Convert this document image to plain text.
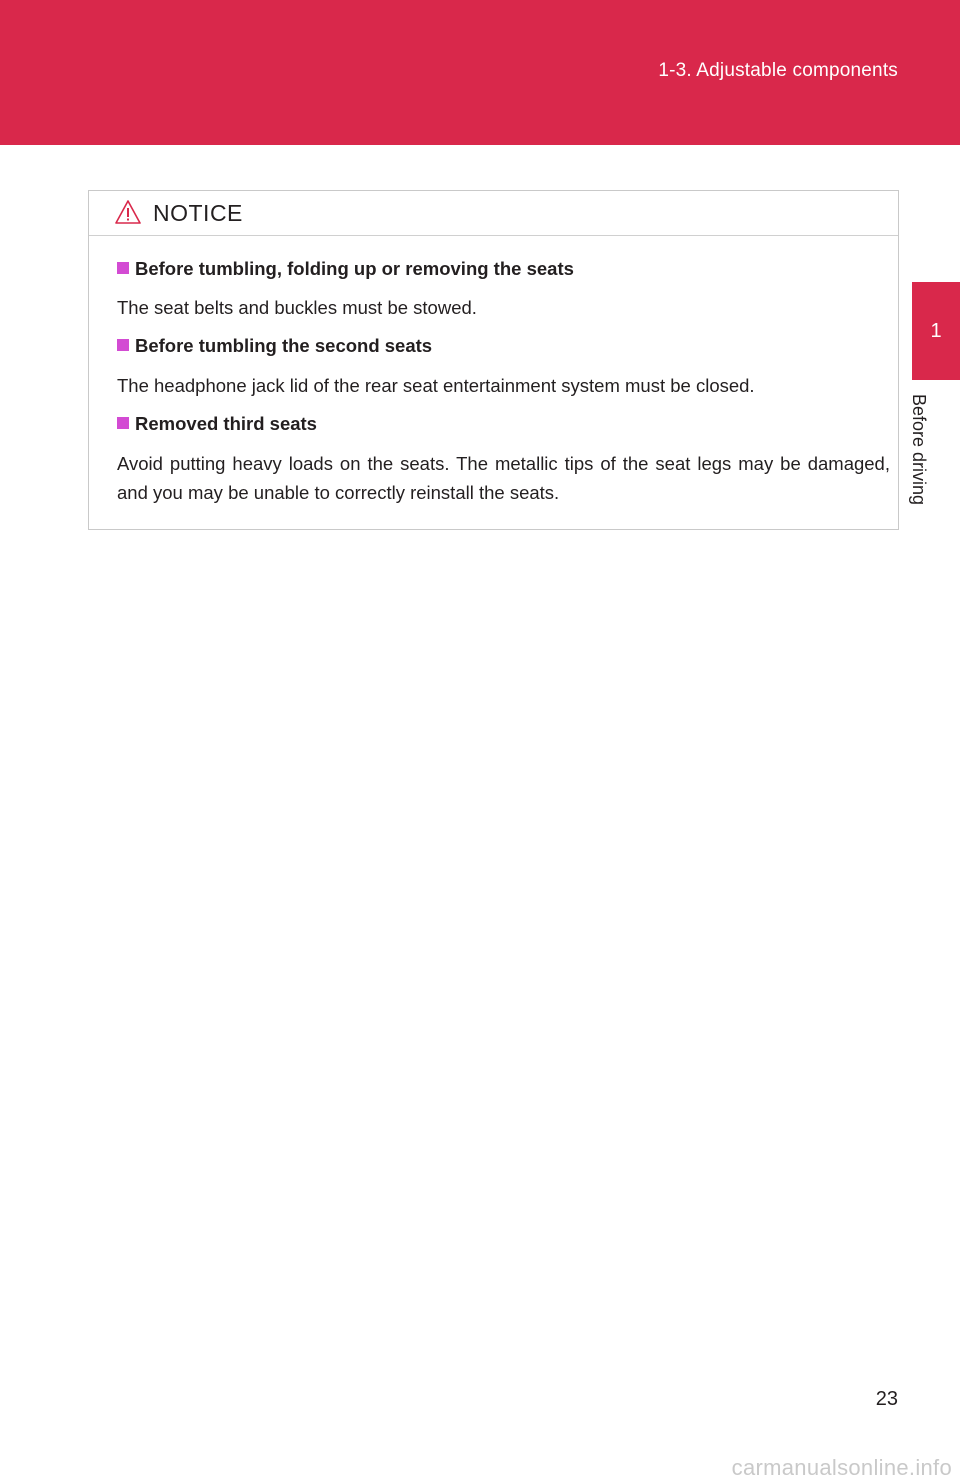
1-3. Adjustable components
1
Before driving
NOTICE
Before tumbling, folding up or removing the seats
The seat belts and buckles must be stowed.
Before tumbling the second seats
The headphone jack lid of the rear seat entertainment system must be closed.
Removed third seats
Avoid putting heavy loads on the seats. The metallic tips of the seat legs may be damaged, and you may be unable to correctly reinstall the seats.
23
carmanualsonline.info
